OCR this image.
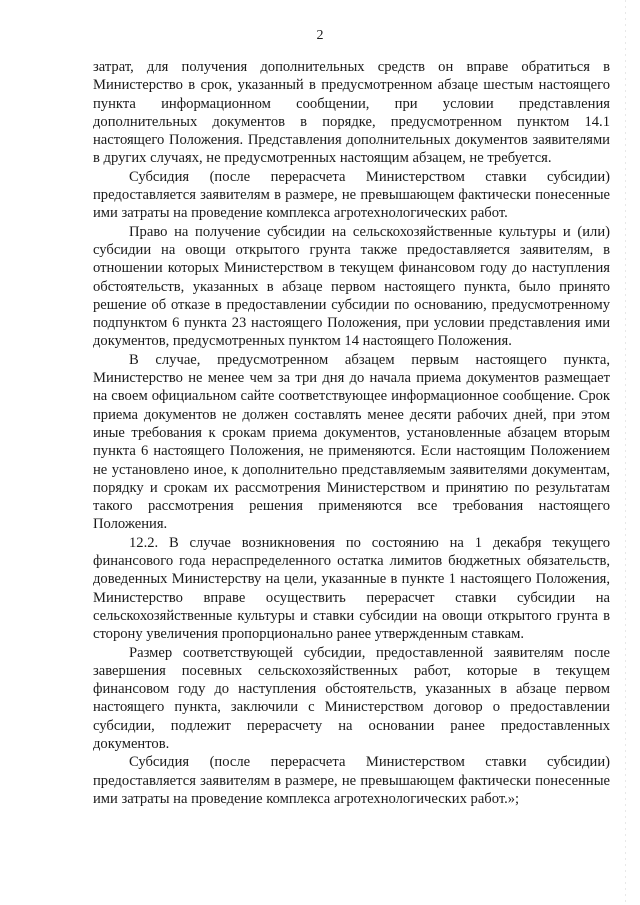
2

затрат, для получения дополнительных средств он вправе обратиться в Министерство в срок, указанный в предусмотренном абзаце шестым настоящего пункта информационном сообщении, при условии представления дополнительных документов в порядке, предусмотренном пунктом 14.1 настоящего Положения. Представления дополнительных документов заявителями в других случаях, не предусмотренных настоящим абзацем, не требуется.

Субсидия (после перерасчета Министерством ставки субсидии) предоставляется заявителям в размере, не превышающем фактически понесенные ими затраты на проведение комплекса агротехнологических работ.

Право на получение субсидии на сельскохозяйственные культуры и (или) субсидии на овощи открытого грунта также предоставляется заявителям, в отношении которых Министерством в текущем финансовом году до наступления обстоятельств, указанных в абзаце первом настоящего пункта, было принято решение об отказе в предоставлении субсидии по основанию, предусмотренному подпунктом 6 пункта 23 настоящего Положения, при условии представления ими документов, предусмотренных пунктом 14 настоящего Положения.

В случае, предусмотренном абзацем первым настоящего пункта, Министерство не менее чем за три дня до начала приема документов размещает на своем официальном сайте соответствующее информационное сообщение. Срок приема документов не должен составлять менее десяти рабочих дней, при этом иные требования к срокам приема документов, установленные абзацем вторым пункта 6 настоящего Положения, не применяются. Если настоящим Положением не установлено иное, к дополнительно представляемым заявителями документам, порядку и срокам их рассмотрения Министерством и принятию по результатам такого рассмотрения решения применяются все требования настоящего Положения.

12.2. В случае возникновения по состоянию на 1 декабря текущего финансового года нераспределенного остатка лимитов бюджетных обязательств, доведенных Министерству на цели, указанные в пункте 1 настоящего Положения, Министерство вправе осуществить перерасчет ставки субсидии на сельскохозяйственные культуры и ставки субсидии на овощи открытого грунта в сторону увеличения пропорционально ранее утвержденным ставкам.

Размер соответствующей субсидии, предоставленной заявителям после завершения посевных сельскохозяйственных работ, которые в текущем финансовом году до наступления обстоятельств, указанных в абзаце первом настоящего пункта, заключили с Министерством договор о предоставлении субсидии, подлежит перерасчету на основании ранее предоставленных документов.

Субсидия (после перерасчета Министерством ставки субсидии) предоставляется заявителям в размере, не превышающем фактически понесенные ими затраты на проведение комплекса агротехнологических работ.»;
